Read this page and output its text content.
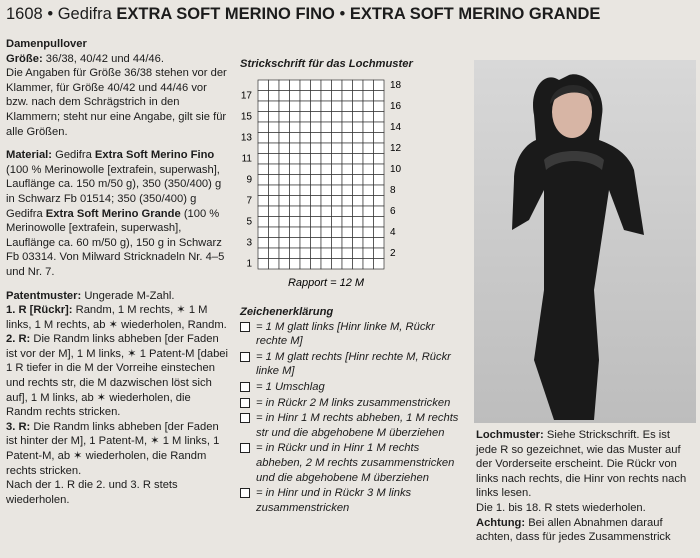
1608 • Gedifra EXTRA SOFT MERINO FINO • EXTRA SOFT MERINO GRANDE

Damenpullover
Größe: 36/38, 40/42 und 44/46.
Die Angaben für Größe 36/38 stehen vor der Klammer, für Größe 40/42 und 44/46 vor bzw. nach dem Schrägstrich in den Klammern; steht nur eine Angabe, gilt sie für alle Größen.

Material: Gedifra Extra Soft Merino Fino (100 % Merinowolle [extrafein, superwash], Lauflänge ca. 150 m/50 g), 350 (350/400) g in Schwarz Fb 01514; 350 (350/400) g Gedifra Extra Soft Merino Grande (100 % Merinowolle [extrafein, superwash], Lauflänge ca. 60 m/50 g), 150 g in Schwarz Fb 03314. Von Milward Stricknadeln Nr. 4–5 und Nr. 7.

Patentmuster: Ungerade M-Zahl.
1. R [Rückr]: Randm, 1 M rechts, ✶ 1 M links, 1 M rechts, ab ✶ wiederholen, Randm.
2. R: Die Randm links abheben [der Faden ist vor der M], 1 M links, ✶ 1 Patent-M [dabei 1 R tiefer in die M der Vorreihe einstechen und rechts str, die M dazwischen löst sich auf], 1 M links, ab ✶ wiederholen, die Randm rechts stricken.
3. R: Die Randm links abheben [der Faden ist hinter der M], 1 Patent-M, ✶ 1 M links, 1 Patent-M, ab ✶ wiederholen, die Randm rechts stricken.
Nach der 1. R die 2. und 3. R stets wiederholen.

Strickschrift für das Lochmuster
17
15
13
11
9
7
5
3
1
18
16
14
12
10
8
6
4
2
Rapport = 12 M
Zeichenerklärung
= 1 M glatt links [Hinr linke M, Rückr rechte M]
= 1 M glatt rechts [Hinr rechte M, Rückr linke M]
= 1 Umschlag
= in Rückr 2 M links zusammenstricken
= in Hinr 1 M rechts abheben, 1 M rechts str und die abgehobene M überziehen
= in Rückr und in Hinr 1 M rechts abheben, 2 M rechts zusammenstricken und die abgehobene M überziehen
= in Hinr und in Rückr 3 M links zusammenstricken
Lochmuster: Siehe Strickschrift. Es ist jede R so gezeichnet, wie das Muster auf der Vorderseite erscheint. Die Rückr von links nach rechts, die Hinr von rechts nach links lesen.
Die 1. bis 18. R stets wiederholen.
Achtung: Bei allen Abnahmen darauf achten, dass für jedes Zusammenstrick
